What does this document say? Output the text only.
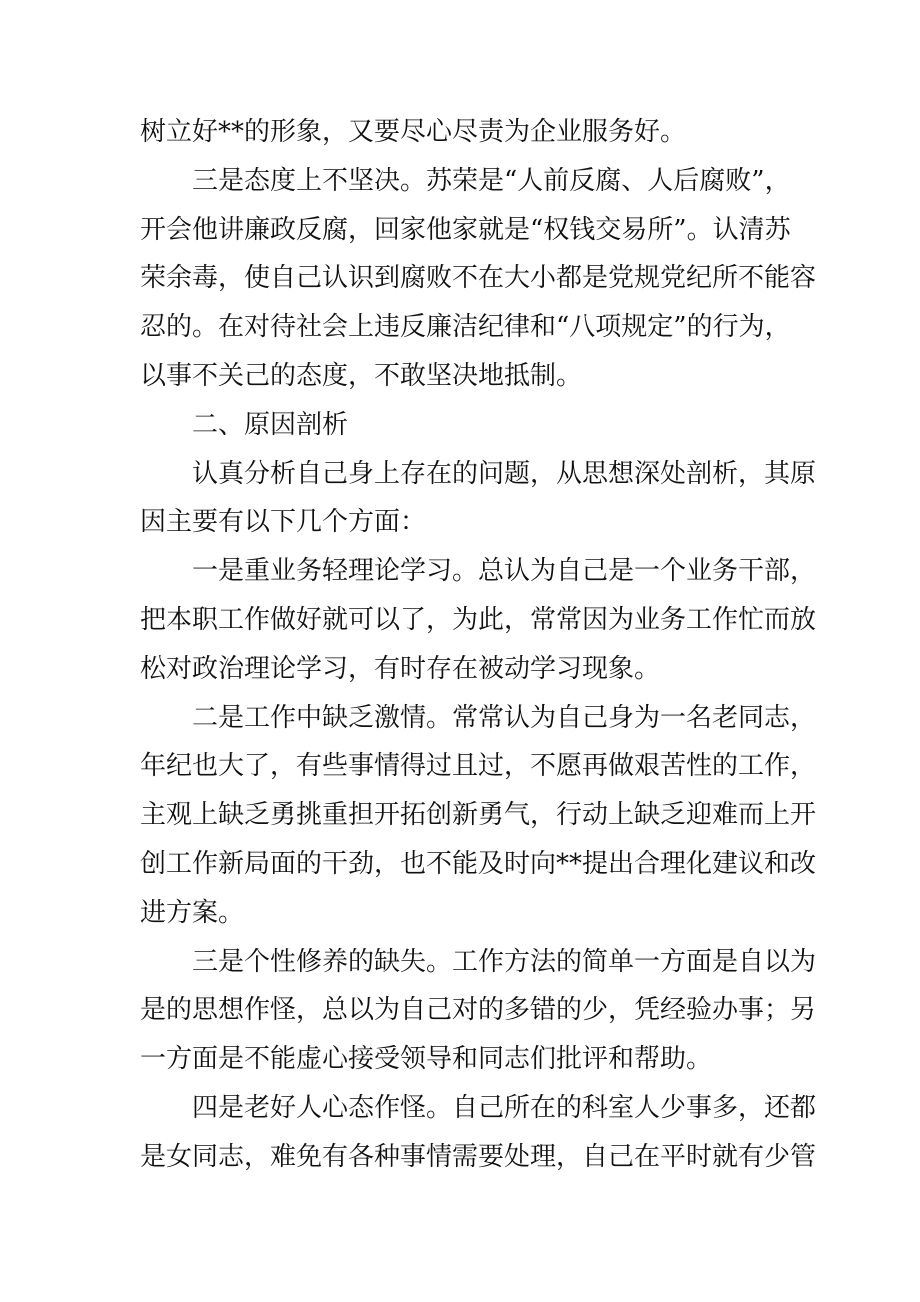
树立好**的形象，又要尽心尽责为企业服务好。
三是态度上不坚决。苏荣是“人前反腐、人后腐败”，
开会他讲廉政反腐，回家他家就是“权钱交易所”。认清苏
荣余毒，使自己认识到腐败不在大小都是党规党纪所不能容
忍的。在对待社会上违反廉洁纪律和“八项规定”的行为，
以事不关己的态度，不敢坚决地抵制。
二、原因剖析
认真分析自己身上存在的问题，从思想深处剖析，其原
因主要有以下几个方面：
一是重业务轻理论学习。总认为自己是一个业务干部，
把本职工作做好就可以了，为此，常常因为业务工作忙而放
松对政治理论学习，有时存在被动学习现象。
二是工作中缺乏激情。常常认为自己身为一名老同志，
年纪也大了，有些事情得过且过，不愿再做艰苦性的工作，
主观上缺乏勇挑重担开拓创新勇气，行动上缺乏迎难而上开
创工作新局面的干劲，也不能及时向**提出合理化建议和改
进方案。
三是个性修养的缺失。工作方法的简单一方面是自以为
是的思想作怪，总以为自己对的多错的少，凭经验办事；另
一方面是不能虚心接受领导和同志们批评和帮助。
四是老好人心态作怪。自己所在的科室人少事多，还都
是女同志，难免有各种事情需要处理，自己在平时就有少管
